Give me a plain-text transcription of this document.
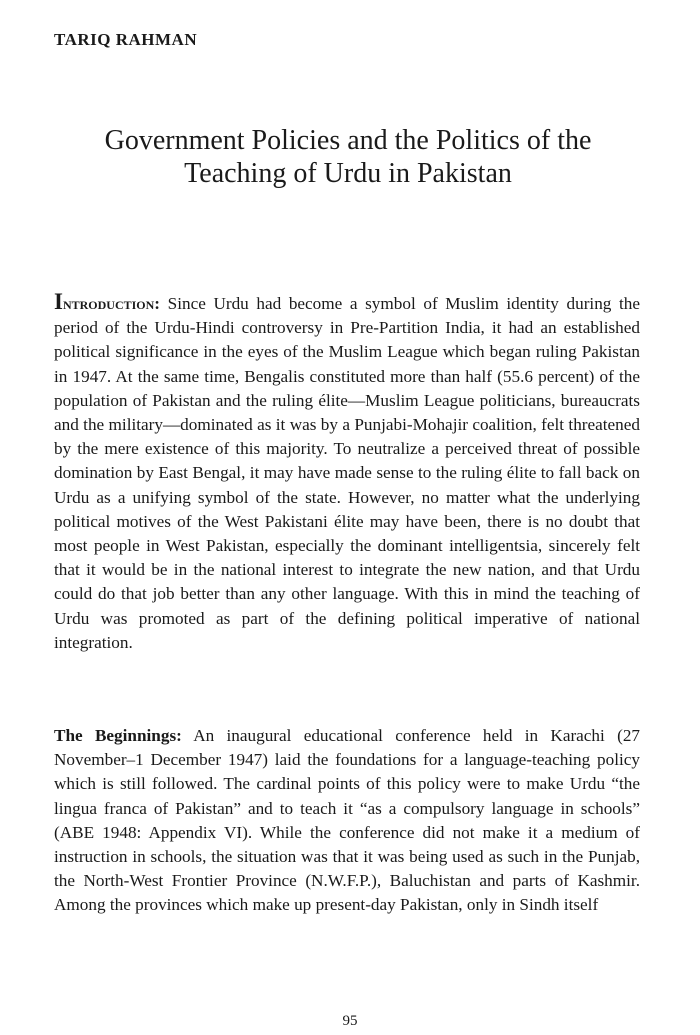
TARIQ RAHMAN
Government Policies and the Politics of the
Teaching of Urdu in Pakistan

Introduction: Since Urdu had become a symbol of Muslim identity during the period of the Urdu-Hindi controversy in Pre-Partition India, it had an established political significance in the eyes of the Muslim League which began ruling Pakistan in 1947. At the same time, Bengalis constituted more than half (55.6 percent) of the population of Pakistan and the ruling élite—Muslim League politicians, bureaucrats and the military—dominated as it was by a Punjabi-Mohajir coalition, felt threatened by the mere existence of this majority. To neutralize a perceived threat of possible domination by East Bengal, it may have made sense to the ruling élite to fall back on Urdu as a unifying symbol of the state. However, no matter what the underlying political motives of the West Pakistani élite may have been, there is no doubt that most people in West Pakistan, especially the dominant intelligentsia, sincerely felt that it would be in the national interest to integrate the new nation, and that Urdu could do that job better than any other language. With this in mind the teaching of Urdu was promoted as part of the defining political imperative of national integration.

The Beginnings: An inaugural educational conference held in Karachi (27 November–1 December 1947) laid the foundations for a language-teaching policy which is still followed. The cardinal points of this policy were to make Urdu “the lingua franca of Pakistan” and to teach it “as a compulsory language in schools” (ABE 1948: Appendix VI). While the conference did not make it a medium of instruction in schools, the situation was that it was being used as such in the Punjab, the North-West Frontier Province (N.W.F.P.), Baluchistan and parts of Kashmir. Among the provinces which make up present-day Pakistan, only in Sindh itself

95
